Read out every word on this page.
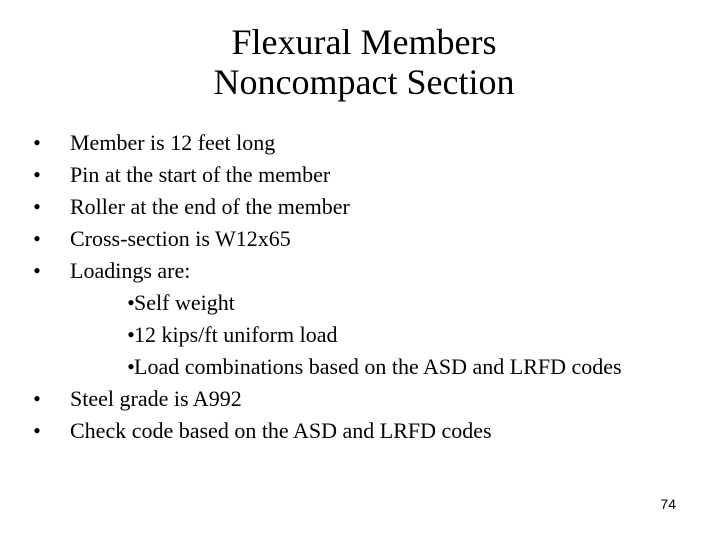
Flexural Members
Noncompact Section
• Member is 12 feet long
• Pin at the start of the member
• Roller at the end of the member
• Cross-section is W12x65
• Loadings are:
• Self weight
• 12 kips/ft uniform load
• Load combinations based on the ASD and LRFD codes
• Steel grade is A992
• Check code based on the ASD and LRFD codes
74
